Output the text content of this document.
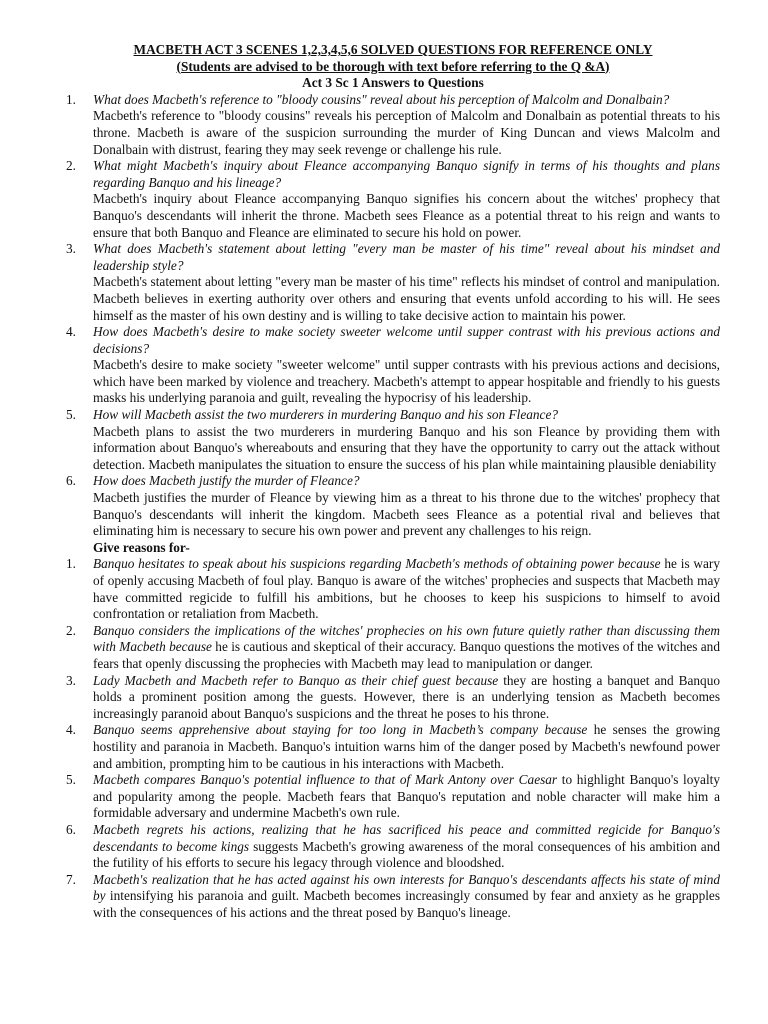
MACBETH ACT 3 SCENES 1,2,3,4,5,6 SOLVED QUESTIONS FOR REFERENCE ONLY

(Students are advised to be thorough with text before referring to the Q &A)

Act 3 Sc 1 Answers to Questions

1.	What does Macbeth's reference to "bloody cousins" reveal about his perception of Malcolm and Donalbain?

Macbeth's reference to "bloody cousins" reveals his perception of Malcolm and Donalbain as potential threats to his throne. Macbeth is aware of the suspicion surrounding the murder of King Duncan and views Malcolm and Donalbain with distrust, fearing they may seek revenge or challenge his rule.

2.	What might Macbeth's inquiry about Fleance accompanying Banquo signify in terms of his thoughts and plans regarding Banquo and his lineage?

Macbeth's inquiry about Fleance accompanying Banquo signifies his concern about the witches' prophecy that Banquo's descendants will inherit the throne. Macbeth sees Fleance as a potential threat to his reign and wants to ensure that both Banquo and Fleance are eliminated to secure his hold on power.

3.	What does Macbeth's statement about letting "every man be master of his time" reveal about his mindset and leadership style?

Macbeth's statement about letting "every man be master of his time" reflects his mindset of control and manipulation. Macbeth believes in exerting authority over others and ensuring that events unfold according to his will. He sees himself as the master of his own destiny and is willing to take decisive action to maintain his power.

4.	How does Macbeth's desire to make society sweeter welcome until supper contrast with his previous actions and decisions?

Macbeth's desire to make society "sweeter welcome" until supper contrasts with his previous actions and decisions, which have been marked by violence and treachery. Macbeth's attempt to appear hospitable and friendly to his guests masks his underlying paranoia and guilt, revealing the hypocrisy of his leadership.

5.	How will Macbeth assist the two murderers in murdering Banquo and his son Fleance?

Macbeth plans to assist the two murderers in murdering Banquo and his son Fleance by providing them with information about Banquo's whereabouts and ensuring that they have the opportunity to carry out the attack without detection. Macbeth manipulates the situation to ensure the success of his plan while maintaining plausible deniability

6.	How does Macbeth justify the murder of Fleance?

Macbeth justifies the murder of Fleance by viewing him as a threat to his throne due to the witches' prophecy that Banquo's descendants will inherit the kingdom. Macbeth sees Fleance as a potential rival and believes that eliminating him is necessary to secure his own power and prevent any challenges to his reign.

Give reasons for-

1.	Banquo hesitates to speak about his suspicions regarding Macbeth's methods of obtaining power because he is wary of openly accusing Macbeth of foul play. Banquo is aware of the witches' prophecies and suspects that Macbeth may have committed regicide to fulfill his ambitions, but he chooses to keep his suspicions to himself to avoid confrontation or retaliation from Macbeth.

2.	Banquo considers the implications of the witches' prophecies on his own future quietly rather than discussing them with Macbeth because he is cautious and skeptical of their accuracy. Banquo questions the motives of the witches and fears that openly discussing the prophecies with Macbeth may lead to manipulation or danger.

3.	Lady Macbeth and Macbeth refer to Banquo as their chief guest because they are hosting a banquet and Banquo holds a prominent position among the guests. However, there is an underlying tension as Macbeth becomes increasingly paranoid about Banquo's suspicions and the threat he poses to his throne.

4.	Banquo seems apprehensive about staying for too long in Macbeth’s company because he senses the growing hostility and paranoia in Macbeth. Banquo's intuition warns him of the danger posed by Macbeth's newfound power and ambition, prompting him to be cautious in his interactions with Macbeth.

5.	Macbeth compares Banquo's potential influence to that of Mark Antony over Caesar to highlight Banquo's loyalty and popularity among the people. Macbeth fears that Banquo's reputation and noble character will make him a formidable adversary and undermine Macbeth's own rule.

6.	Macbeth regrets his actions, realizing that he has sacrificed his peace and committed regicide for Banquo's descendants to become kings suggests Macbeth's growing awareness of the moral consequences of his ambition and the futility of his efforts to secure his legacy through violence and bloodshed.

7.	Macbeth's realization that he has acted against his own interests for Banquo's descendants affects his state of mind by intensifying his paranoia and guilt. Macbeth becomes increasingly consumed by fear and anxiety as he grapples with the consequences of his actions and the threat posed by Banquo's lineage.
